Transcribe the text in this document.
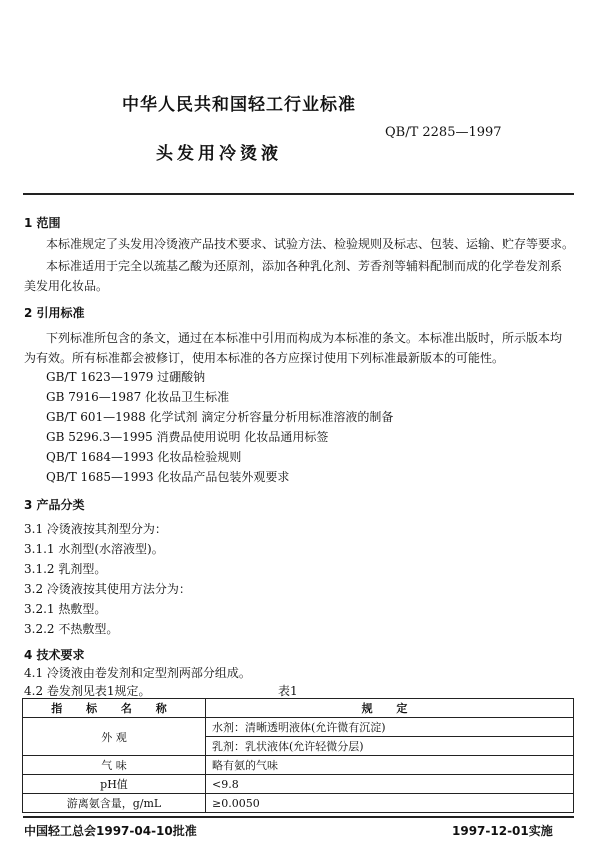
中华人民共和国轻工行业标准
QB/T 2285—1997
头发用冷烫液
1 范围
本标准规定了头发用冷烫液产品技术要求、试验方法、检验规则及标志、包装、运输、贮存等要求。
本标准适用于完全以巯基乙酸为还原剂，添加各种乳化剂、芳香剂等辅料配制而成的化学卷发剂系
美发用化妆品。
2 引用标准
下列标准所包含的条文，通过在本标准中引用而构成为本标准的条文。本标准出版时，所示版本均
为有效。所有标准都会被修订，使用本标准的各方应探讨使用下列标准最新版本的可能性。
GB/T 1623—1979 过硼酸钠
GB 7916—1987 化妆品卫生标准
GB/T 601—1988 化学试剂 滴定分析容量分析用标准溶液的制备
GB 5296.3—1995 消费品使用说明 化妆品通用标签
QB/T 1684—1993 化妆品检验规则
QB/T 1685—1993 化妆品产品包装外观要求
3 产品分类
3.1 冷烫液按其剂型分为：
3.1.1 水剂型(水溶液型)。
3.1.2 乳剂型。
3.2 冷烫液按其使用方法分为：
3.2.1 热敷型。
3.2.2 不热敷型。
4 技术要求
4.1 冷烫液由卷发剂和定型剂两部分组成。
4.2 卷发剂见表1规定。	表1
指 标 名 称	规 定
外 观	水剂：清晰透明液体(允许微有沉淀)
	乳剂：乳状液体(允许轻微分层)
气 味	略有氨的气味
pH值	<9.8
游离氨含量，g/mL	≥0.0050
中国轻工总会1997-04-10批准	1997-12-01实施
